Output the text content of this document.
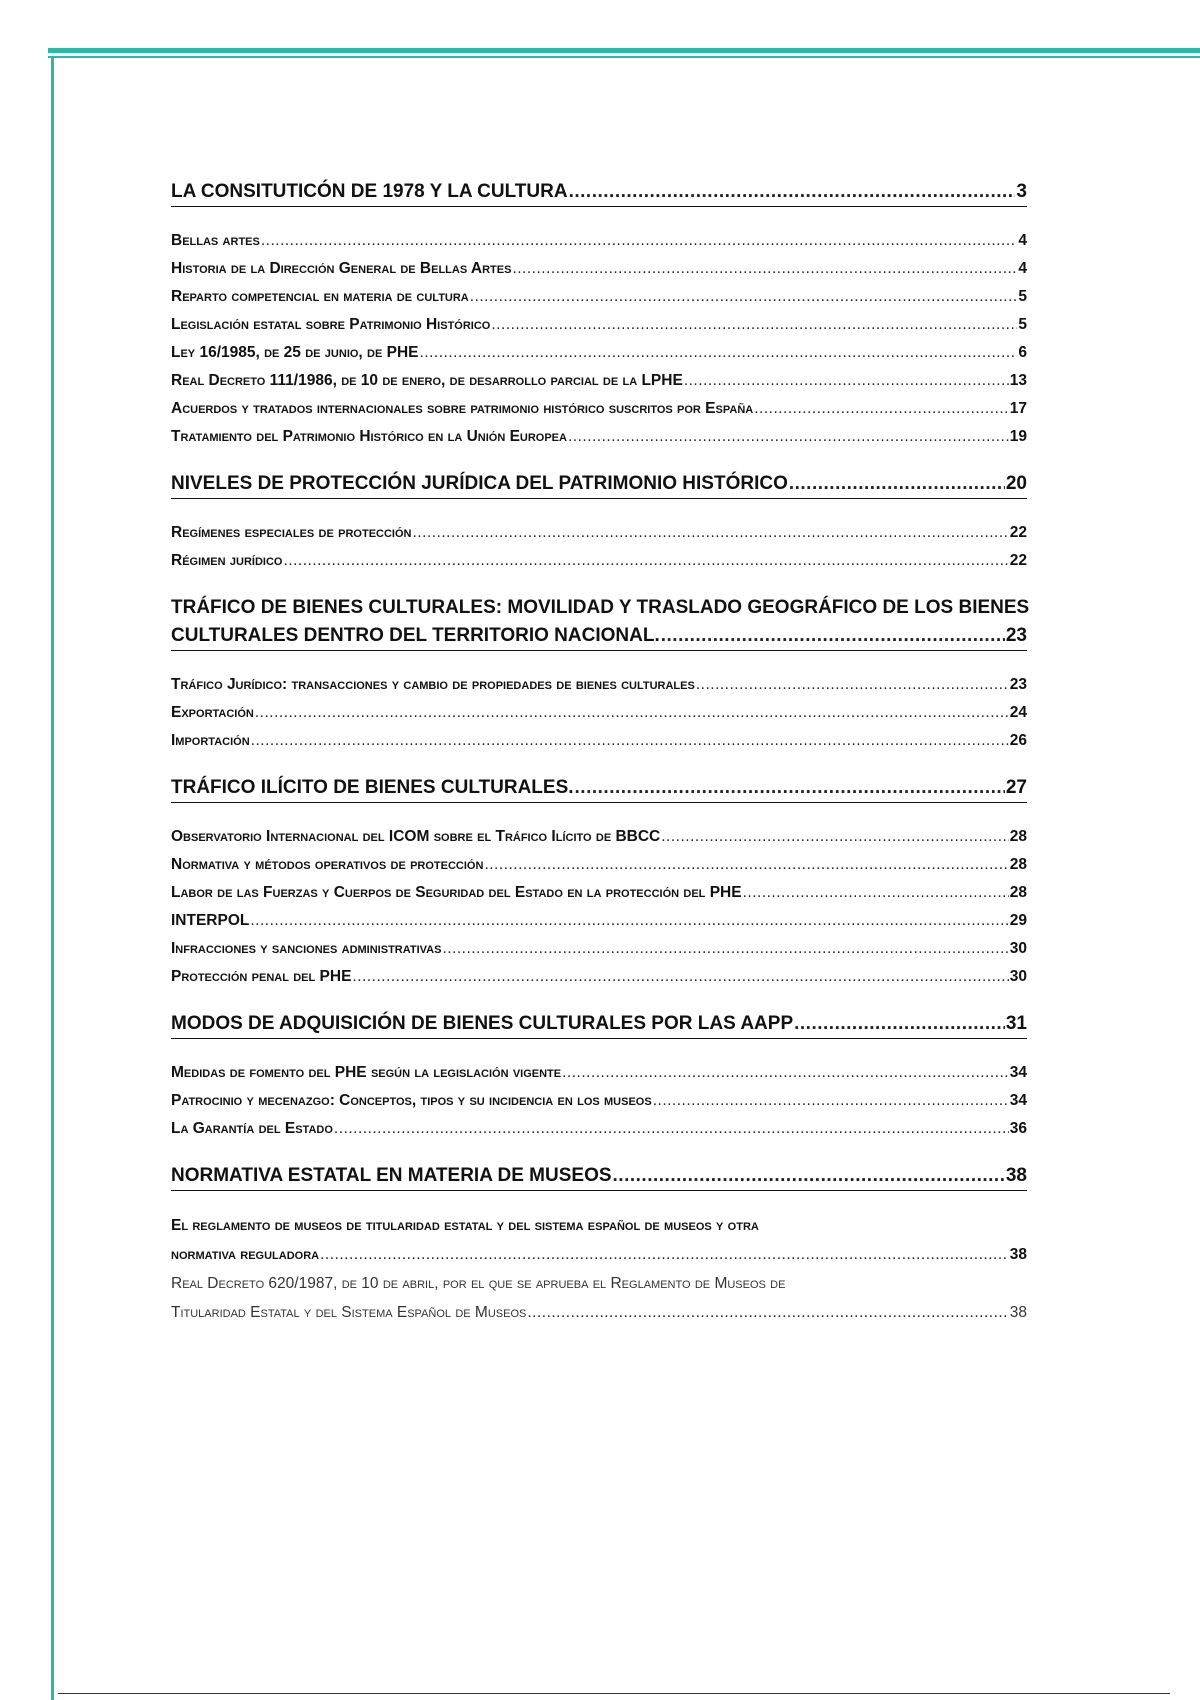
LA CONSITUTICÓN DE 1978 Y LA CULTURA .....	3
Bellas artes .....	4
Historia de la Dirección General de Bellas Artes .....	4
Reparto competencial en materia de cultura .....	5
Legislación estatal sobre Patrimonio Histórico .....	5
Ley 16/1985, de 25 de junio, de PHE .....	6
Real Decreto 111/1986, de 10 de enero, de desarrollo parcial de la LPHE .....	13
Acuerdos y tratados internacionales sobre patrimonio histórico suscritos por España .....	17
Tratamiento del Patrimonio Histórico en la Unión Europea .....	19
NIVELES DE PROTECCIÓN JURÍDICA DEL PATRIMONIO HISTÓRICO .....	20
Regímenes especiales de protección .....	22
Régimen jurídico .....	22
TRÁFICO DE BIENES CULTURALES: MOVILIDAD Y TRASLADO GEOGRÁFICO DE LOS BIENES
CULTURALES DENTRO DEL TERRITORIO NACIONAL. .....	23
Tráfico Jurídico: transacciones y cambio de propiedades de bienes culturales .....	23
Exportación .....	24
Importación .....	26
TRÁFICO ILÍCITO DE BIENES CULTURALES. .....	27
Observatorio Internacional del ICOM sobre el Tráfico Ilícito de BBCC .....	28
Normativa y métodos operativos de protección .....	28
Labor de las Fuerzas y Cuerpos de Seguridad del Estado en la protección del PHE .....	28
INTERPOL .....	29
Infracciones y sanciones administrativas .....	30
Protección penal del PHE .....	30
MODOS DE ADQUISICIÓN DE BIENES CULTURALES POR LAS AAPP .....	31
Medidas de fomento del PHE según la legislación vigente .....	34
Patrocinio y mecenazgo: Conceptos, tipos y su incidencia en los museos .....	34
La Garantía del Estado .....	36
NORMATIVA ESTATAL EN MATERIA DE MUSEOS .....	38
El reglamento de museos de titularidad estatal y del sistema español de museos y otra
normativa reguladora .....	38
Real Decreto 620/1987, de 10 de abril, por el que se aprueba el Reglamento de Museos de
Titularidad Estatal y del Sistema Español de Museos .....	38
